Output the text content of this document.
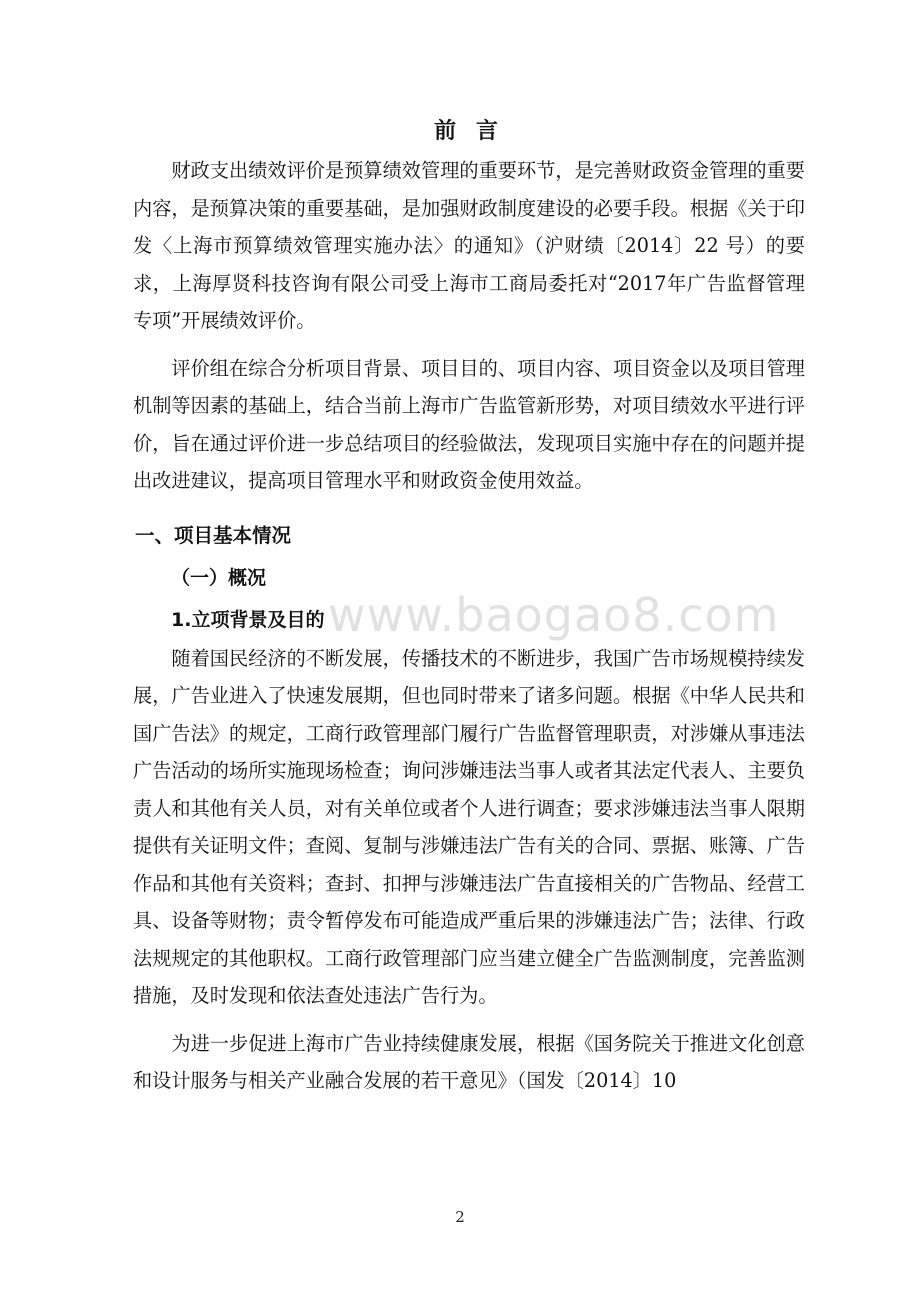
www.baogao8.com
前 言

财政支出绩效评价是预算绩效管理的重要环节，是完善财政资金管理的重要内容，是预算决策的重要基础，是加强财政制度建设的必要手段。根据《关于印发〈上海市预算绩效管理实施办法〉的通知》（沪财绩〔2014〕22 号）的要求，上海厚贤科技咨询有限公司受上海市工商局委托对“2017年广告监督管理专项”开展绩效评价。

评价组在综合分析项目背景、项目目的、项目内容、项目资金以及项目管理机制等因素的基础上，结合当前上海市广告监管新形势，对项目绩效水平进行评价，旨在通过评价进一步总结项目的经验做法，发现项目实施中存在的问题并提出改进建议，提高项目管理水平和财政资金使用效益。

一、项目基本情况
（一）概况
1.立项背景及目的

随着国民经济的不断发展，传播技术的不断进步，我国广告市场规模持续发展，广告业进入了快速发展期，但也同时带来了诸多问题。根据《中华人民共和国广告法》的规定，工商行政管理部门履行广告监督管理职责，对涉嫌从事违法广告活动的场所实施现场检查；询问涉嫌违法当事人或者其法定代表人、主要负责人和其他有关人员，对有关单位或者个人进行调查；要求涉嫌违法当事人限期提供有关证明文件；查阅、复制与涉嫌违法广告有关的合同、票据、账簿、广告作品和其他有关资料；查封、扣押与涉嫌违法广告直接相关的广告物品、经营工具、设备等财物；责令暂停发布可能造成严重后果的涉嫌违法广告；法律、行政法规规定的其他职权。工商行政管理部门应当建立健全广告监测制度，完善监测措施，及时发现和依法查处违法广告行为。

为进一步促进上海市广告业持续健康发展，根据《国务院关于推进文化创意和设计服务与相关产业融合发展的若干意见》（国发〔2014〕10

2
